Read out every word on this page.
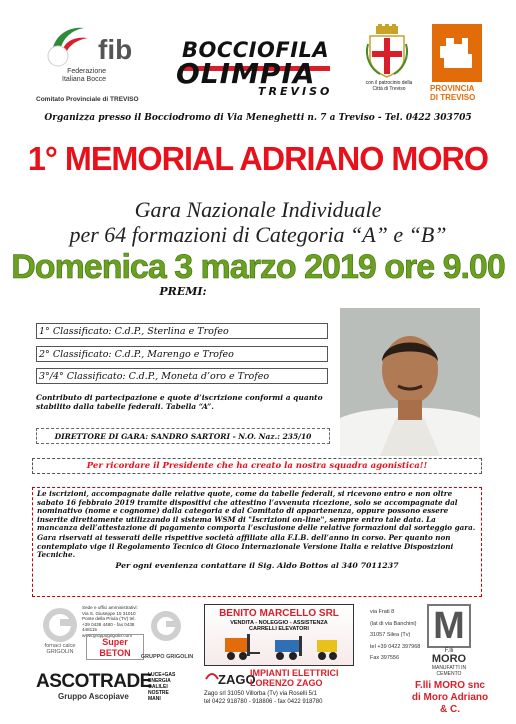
fib
Federazione
Italiana Bocce
Comitato Provinciale di TREVISO
BOCCIOFILA
OLIMPIA
TREVISO
con il patrocinio della Città di Treviso	PROVINCIA
DI TREVISO
Organizza presso il Bocciodromo di Via Meneghetti n. 7 a Treviso - Tel. 0422 303705
1° MEMORIAL ADRIANO MORO
Gara Nazionale Individuale
per 64 formazioni di Categoria “A” e “B”
Domenica 3 marzo 2019 ore 9.00
PREMI:
1° Classificato: C.d.P., Sterlina e Trofeo
2° Classificato: C.d.P., Marengo e Trofeo
3°/4° Classificato: C.d.P., Moneta d’oro e Trofeo
Contributo di partecipazione e quote d’iscrizione conformi a quanto stabilito dalla tabelle federali. Tabella “A”.
DIRETTORE DI GARA: SANDRO SARTORI - N.O. Naz.: 235/10
Per ricordare il Presidente che ha creato la nostra squadra agonistica!!

Le iscrizioni, accompagnate dalle relative quote, come da tabelle federali, si ricevono entro e non oltre sabato 16 febbraio 2019 tramite dispositivi che attestino l’avvenuta ricezione, solo se accompagnate dal nominativo (nome e cognome) dalla categoria e dal Comitato di appartenenza, oppure possono essere inserite direttamente utilizzando il sistema WSM di "Iscrizioni on-line", sempre entro tale data. La mancanza dell’attestazione di pagamento comporta l’esclusione delle relative formazioni dal sorteggio gara.

Gara riservati ai tesserati delle rispettive società affiliate alla F.I.B. dell’anno in corso. Per quanto non contemplato vige il Regolamento Tecnico di Gioco Internazionale Versione Italia e relative Disposizioni Tecniche.

Per ogni evenienza contattare il Sig. Aldo Bottos al 340 7011237

fornaci calce GRIGOLIN
Sede e uffici amministrativi: Via S. Giuseppe 15 31010 Ponte della Priula (TV) tel. +39 0438 4480 - fax 0438 448115 www.gruppogrigolin.com
Super BETON	GRUPPO GRIGOLIN
ASCOTRADE
Gruppo Ascopiave
LUCE+GAS
ENERGIA
GALILEI
NOSTRE
MANI
BENITO MARCELLO SRL
VENDITA - NOLEGGIO - ASSISTENZA
CARRELLI ELEVATORI
ZAGO
IMPIANTI ELETTRICI
LORENZO ZAGO
Zago srl 31050 Villorba (Tv) via Roselli 5/1
tel 0422 918780 - 918806 - fax 0422 918780
via Frati 8
(lat di via Banchini)
31057 Silea (Tv)
tel +39 0422 397968
Fax 397556
M
F.lli
MORO
MANUFATTI IN CEMENTO
F.lli MORO snc
di Moro Adriano & C.
